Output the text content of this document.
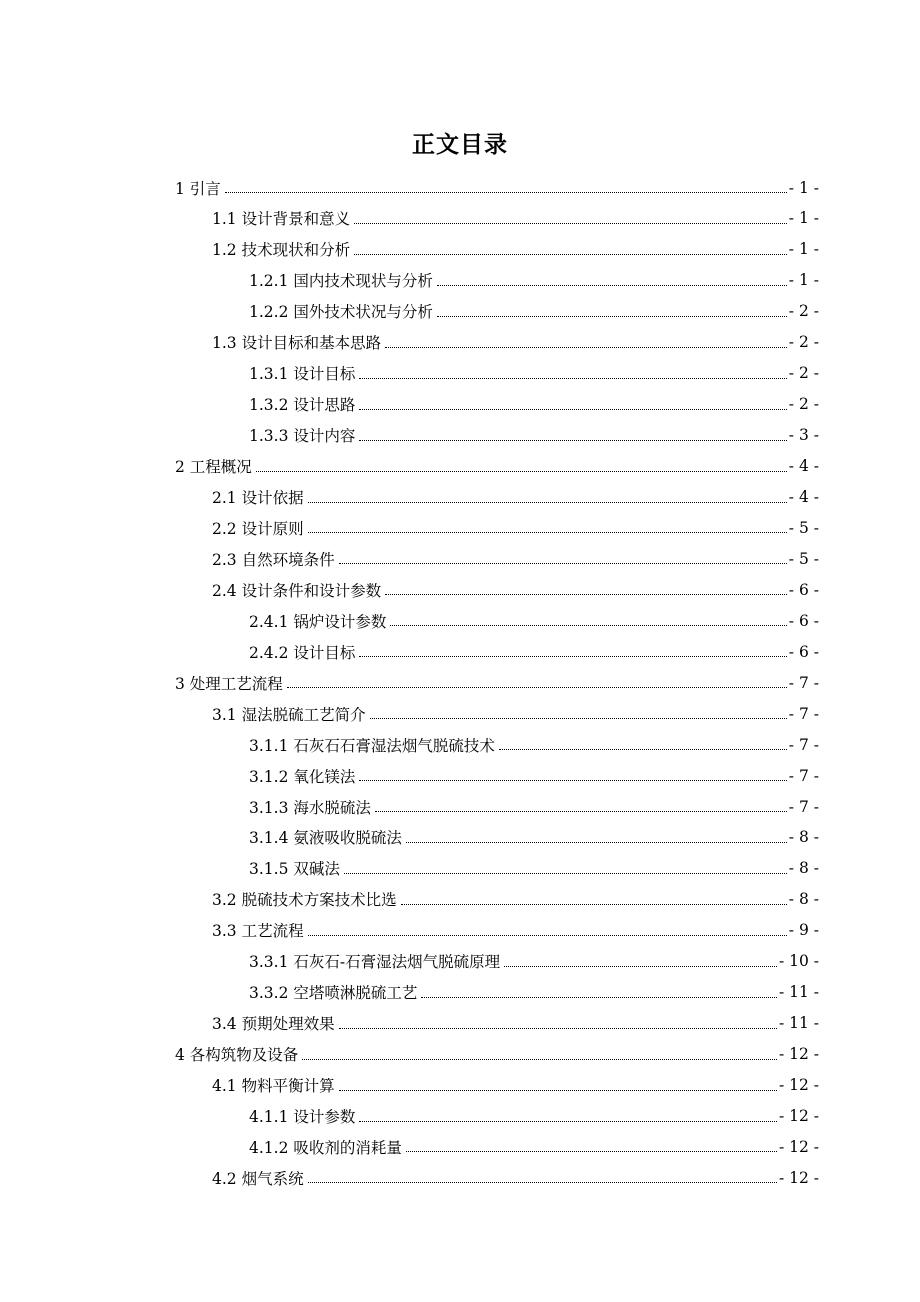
正文目录
1 引言	- 1 -
1.1 设计背景和意义	- 1 -
1.2 技术现状和分析	- 1 -
1.2.1 国内技术现状与分析	- 1 -
1.2.2 国外技术状况与分析	- 2 -
1.3 设计目标和基本思路	- 2 -
1.3.1 设计目标	- 2 -
1.3.2 设计思路	- 2 -
1.3.3 设计内容	- 3 -
2 工程概况	- 4 -
2.1 设计依据	- 4 -
2.2 设计原则	- 5 -
2.3 自然环境条件	- 5 -
2.4 设计条件和设计参数	- 6 -
2.4.1 锅炉设计参数	- 6 -
2.4.2 设计目标	- 6 -
3 处理工艺流程	- 7 -
3.1 湿法脱硫工艺简介	- 7 -
3.1.1 石灰石石膏湿法烟气脱硫技术	- 7 -
3.1.2 氧化镁法	- 7 -
3.1.3 海水脱硫法	- 7 -
3.1.4 氨液吸收脱硫法	- 8 -
3.1.5 双碱法	- 8 -
3.2 脱硫技术方案技术比选	- 8 -
3.3 工艺流程	- 9 -
3.3.1 石灰石-石膏湿法烟气脱硫原理	- 10 -
3.3.2 空塔喷淋脱硫工艺	- 11 -
3.4 预期处理效果	- 11 -
4 各构筑物及设备	- 12 -
4.1 物料平衡计算	- 12 -
4.1.1 设计参数	- 12 -
4.1.2 吸收剂的消耗量	- 12 -
4.2 烟气系统	- 12 -
